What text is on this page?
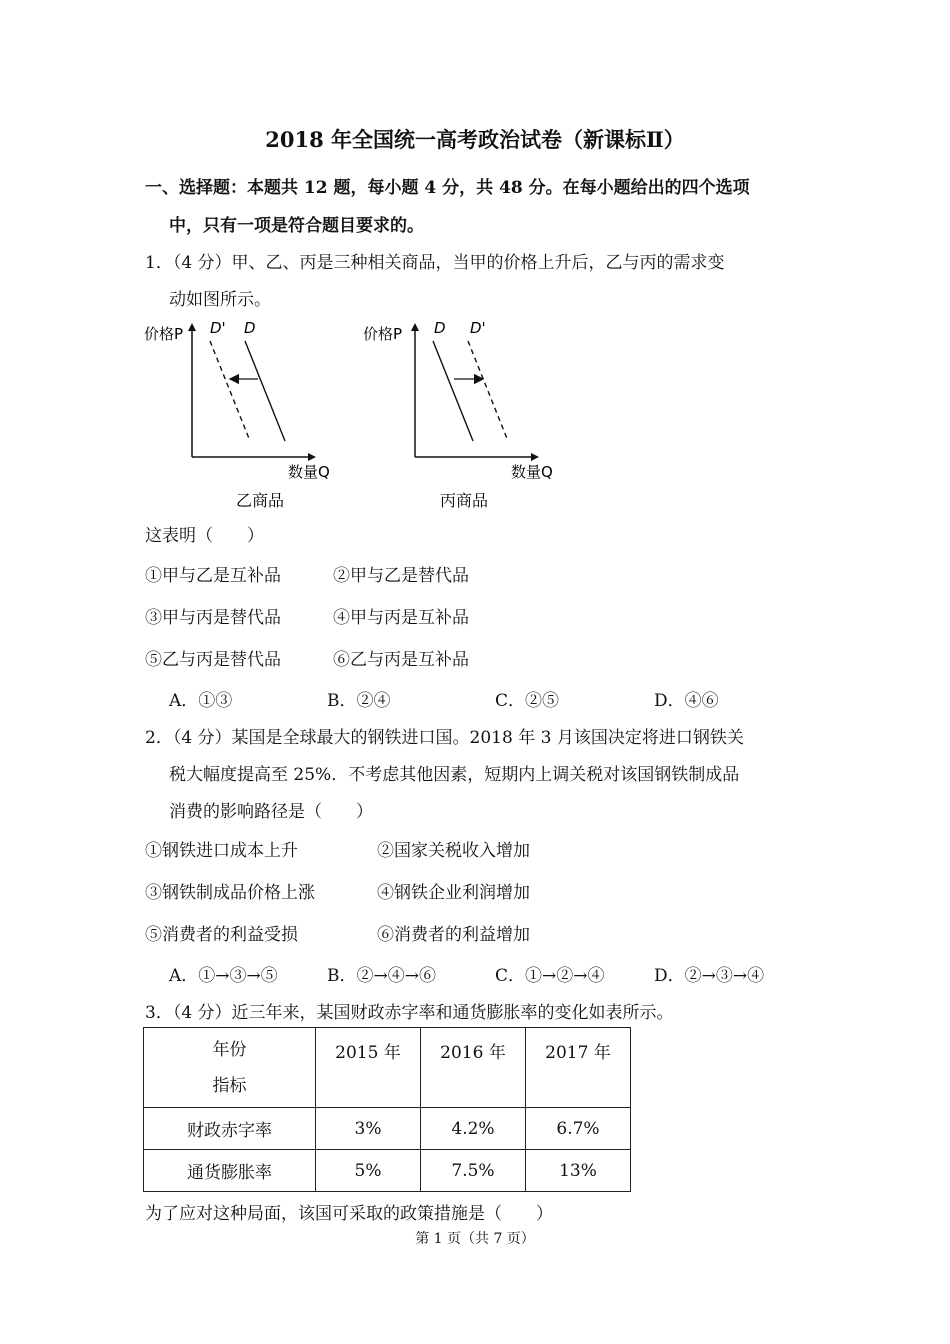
2018 年全国统一高考政治试卷（新课标Ⅱ）
一、选择题：本题共 12 题，每小题 4 分，共 48 分。在每小题给出的四个选项
中，只有一项是符合题目要求的。
1．（4 分）甲、乙、丙是三种相关商品，当甲的价格上升后，乙与丙的需求变
动如图所示。
价格P D' D
数量Q
乙商品
价格P D D'
数量Q
丙商品
这表明（　　）
①甲与乙是互补品	②甲与乙是替代品
③甲与丙是替代品	④甲与丙是互补品
⑤乙与丙是替代品	⑥乙与丙是互补品
A．①③	B．②④	C．②⑤	D．④⑥
2．（4 分）某国是全球最大的钢铁进口国。2018 年 3 月该国决定将进口钢铁关
税大幅度提高至 25%．不考虑其他因素，短期内上调关税对该国钢铁制成品
消费的影响路径是（　　）
①钢铁进口成本上升	②国家关税收入增加
③钢铁制成品价格上涨	④钢铁企业利润增加
⑤消费者的利益受损	⑥消费者的利益增加
A．①→③→⑤	B．②→④→⑥	C．①→②→④	D．②→③→④
3．（4 分）近三年来，某国财政赤字率和通货膨胀率的变化如表所示。
年份
指标	2015 年	2016 年	2017 年
财政赤字率	3%	4.2%	6.7%
通货膨胀率	5%	7.5%	13%
为了应对这种局面，该国可采取的政策措施是（　　）
第 1 页（共 7 页）
